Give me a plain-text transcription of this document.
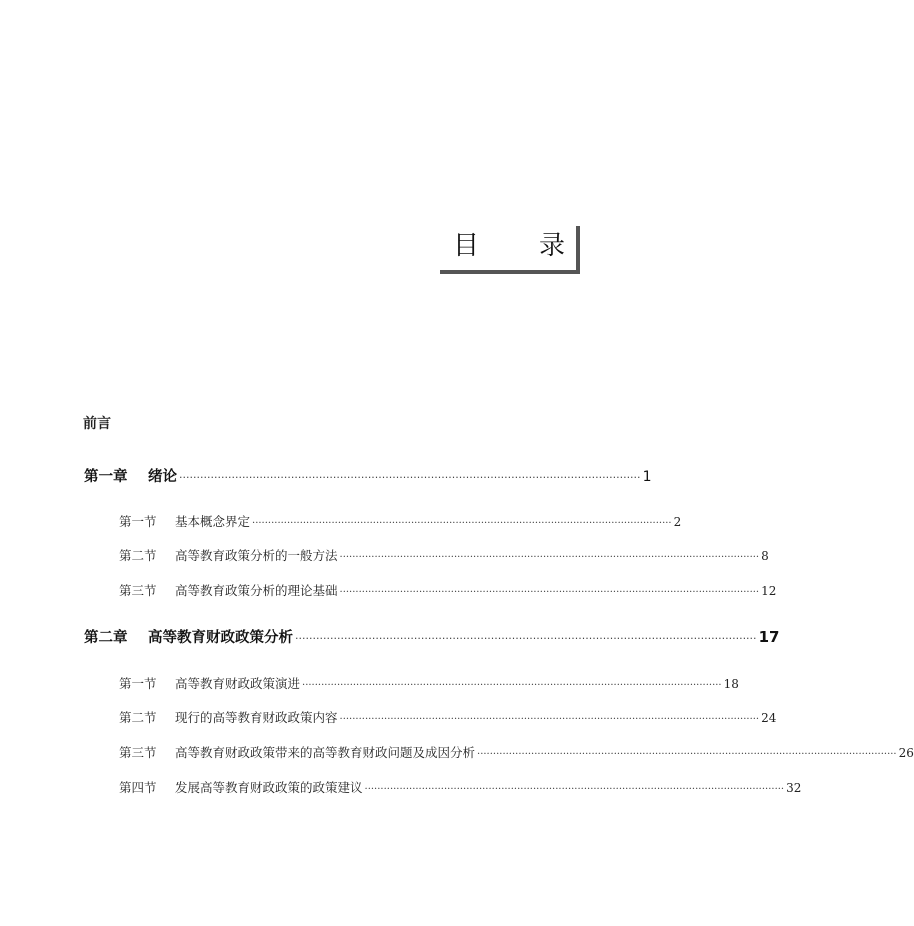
目 录
前言
第一章	绪论 ···································································································································· 1
第一节	基本概念界定 ···································································································································· 2
第二节	高等教育政策分析的一般方法 ···································································································································· 8
第三节	高等教育政策分析的理论基础 ···································································································································· 12
第二章	高等教育财政政策分析 ···································································································································· 17
第一节	高等教育财政政策演进 ···································································································································· 18
第二节	现行的高等教育财政政策内容 ···································································································································· 24
第三节	高等教育财政政策带来的高等教育财政问题及成因分析 ···································································································································· 26
第四节	发展高等教育财政政策的政策建议 ···································································································································· 32
